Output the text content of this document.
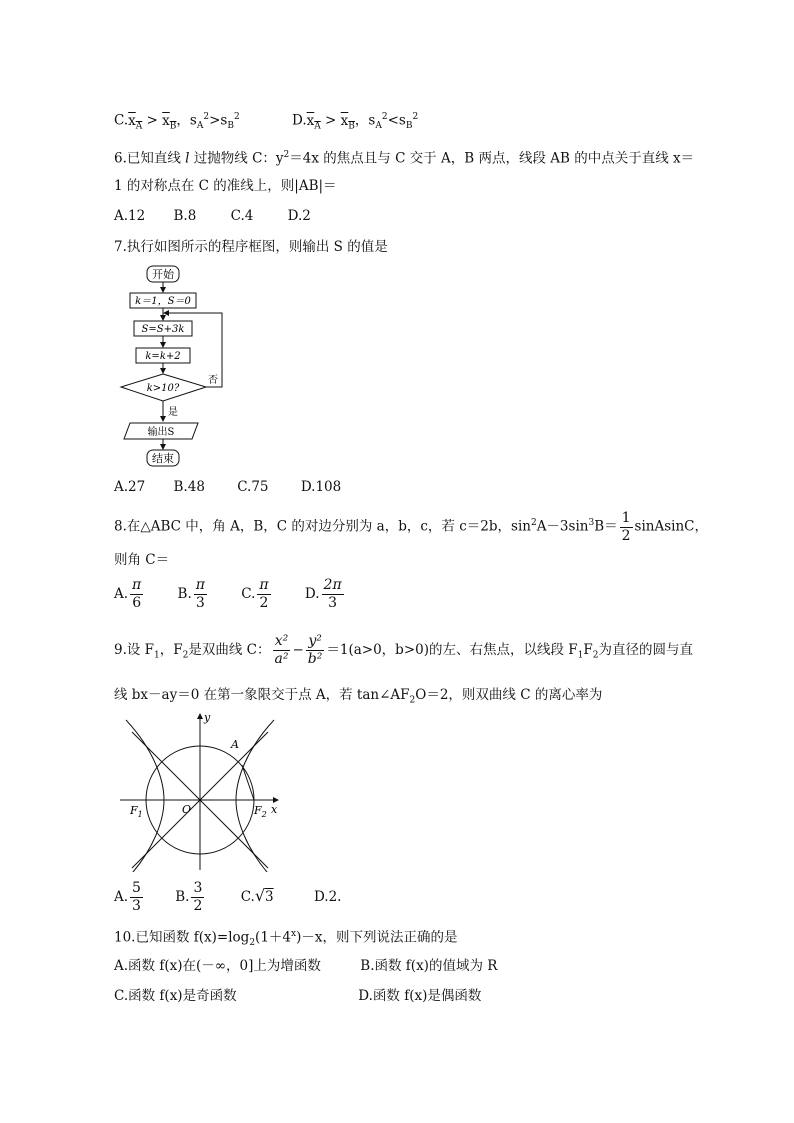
$C.x_A > x_B$，$s_A^2>s_B^2$	$D.x_A > x_B$，$s_A^2<s_B^2$
6.已知直线 l 过抛物线 C：$y^2=4x$ 的焦点且与 C 交于 A，B 两点，线段 AB 的中点关于直线 x＝
1 的对称点在 C 的准线上，则|AB|＝
A.12 B.8	C.4	D.2
7.执行如图所示的程序框图，则输出 S 的值是
开始
k＝1，S＝0
S=S+3k
k=k+2
k>10?
否
是
输出S
结束
A.27 B.48 C.75 D.108
8.在△ABC 中，角 A，B，C 的对边分别为 a，b，c，若 c＝2b，$\sin^2A-3\sin^3B= \frac{1}{2}$ sinAsinC，
则角 C＝
A. $\frac{\pi}{6}$	B. $\frac{\pi}{3}$	C. $\frac{\pi}{2}$	D. $\frac{2\pi}{3}$
9.设 $F_1$，$F_2$是双曲线 C： $\frac{\text{x²}}{\text{a²}} - \frac{\text{y²}}{\text{b²}} =1(a>0$，b>0)的左、右焦点，以线段 $F_1F_2$为直径的圆与直
线 bx－ay＝0 在第一象限交于点 A，若 $\tan\angle AF_2O=2$，则双曲线 C 的离心率为
y
x
A
O
$F_1$	$F_2$
A. $\frac{5}{3} B$. $\frac{3}{2}$	C.√3	D.2.
10.已知函数 $f(x)=\log_2(1+4^x)-x$，则下列说法正确的是
A.函数 f(x)在(－∞，0]上为增函数	B.函数 f(x)的值域为 R
C.函数 f(x)是奇函数	D.函数 f(x)是偶函数
